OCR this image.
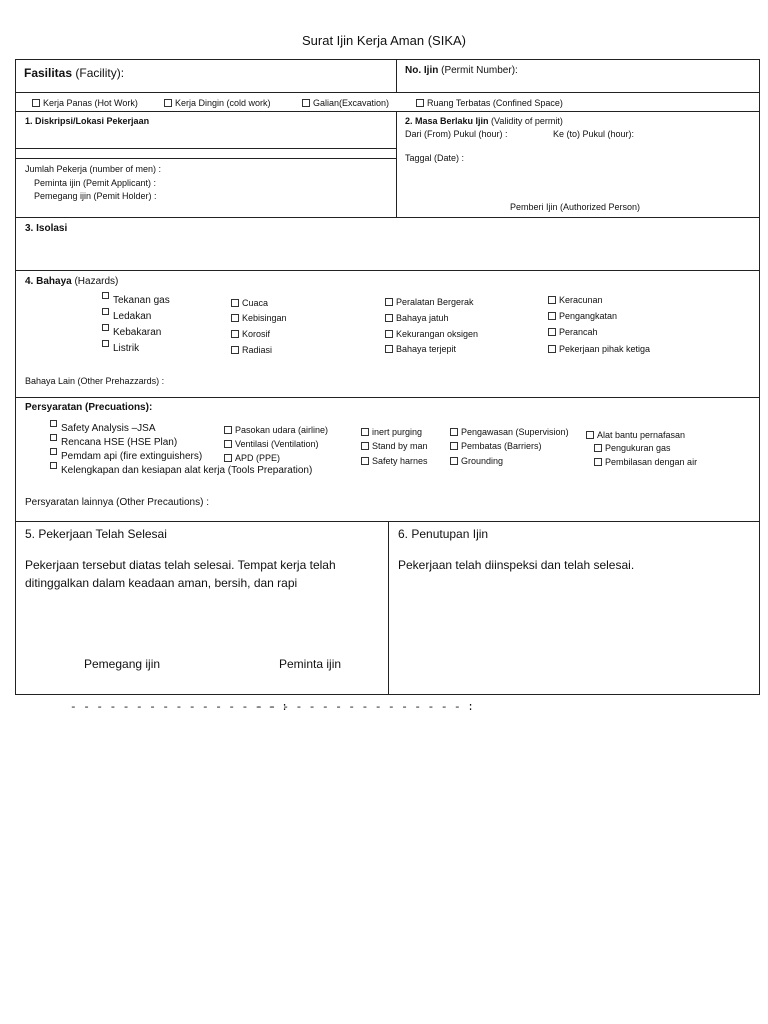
Surat Ijin Kerja Aman (SIKA)
Fasilitas (Facility):	No. Ijin (Permit Number):
Kerja Panas (Hot Work)	Kerja Dingin (cold work)	Galian(Excavation)	Ruang Terbatas (Confined Space)
1. Diskripsi/Lokasi Pekerjaan
Jumlah Pekerja (number of men) :
Peminta ijin (Pemit Applicant) :
Pemegang ijin (Pemit Holder) :
2. Masa Berlaku Ijin (Validity of permit)
Dari (From) Pukul (hour) :	Ke (to) Pukul (hour):
Taggal (Date) :
Pemberi Ijin (Authorized Person)
3. Isolasi
4. Bahaya (Hazards)
Tekanan gas
Ledakan
Kebakaran
Listrik
Cuaca
Kebisingan
Korosif
Radiasi
Peralatan Bergerak
Bahaya jatuh
Kekurangan oksigen
Bahaya terjepit
Keracunan
Pengangkatan
Perancah
Pekerjaan pihak ketiga
Bahaya Lain (Other Prehazzards) :
Persyaratan (Precuations):
Safety Analysis –JSA
Rencana HSE (HSE Plan)
Pemdam api (fire extinguishers)
Kelengkapan dan kesiapan alat kerja (Tools Preparation)
Pasokan udara (airline)
Ventilasi (Ventilation)
APD (PPE)
inert purging
Stand by man
Safety harnes
Pengawasan (Supervision)
Pembatas (Barriers)
Grounding
Alat bantu pernafasan
Pengukuran gas
Pembilasan dengan air
Persyaratan lainnya (Other Precautions) :
5. Pekerjaan Telah Selesai
Pekerjaan tersebut diatas telah selesai. Tempat kerja telah
ditinggalkan dalam keadaan aman, bersih, dan rapi
Pemegang ijin	Peminta ijin
6. Penutupan Ijin
Pekerjaan telah diinspeksi dan telah selesai.
- - - - - - - - - - - - - - - - :
- - - - - - - - - - - - - - - - :
